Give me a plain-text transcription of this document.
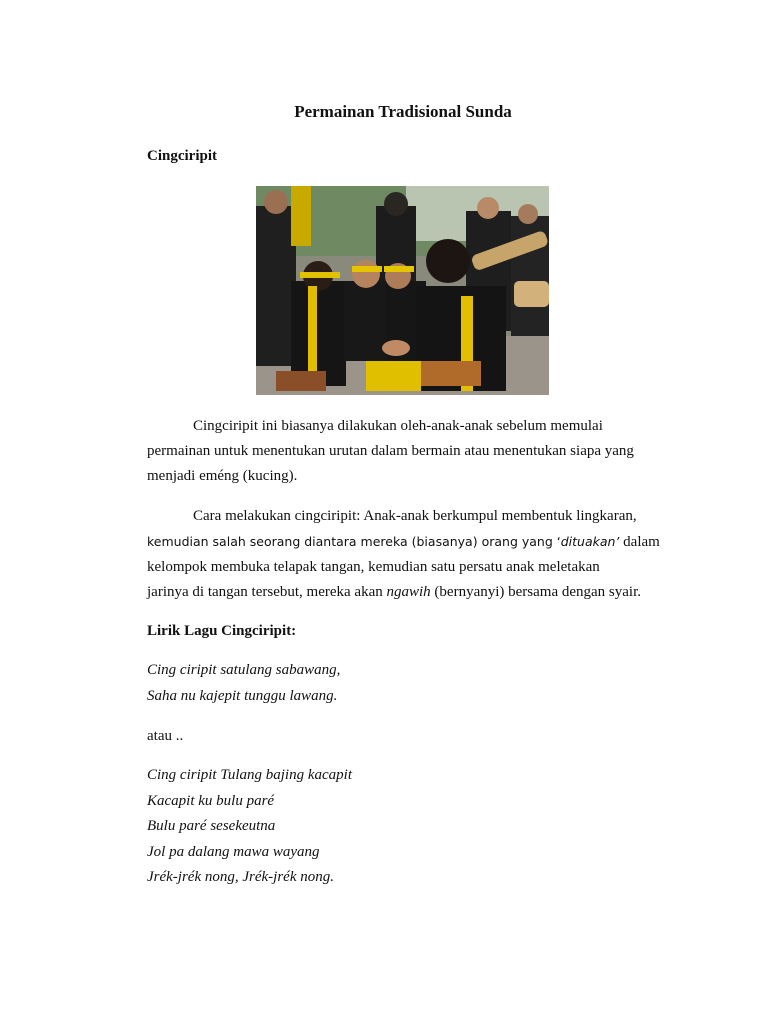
Permainan Tradisional Sunda
Cingciripit
Cingciripit ini biasanya dilakukan oleh-anak-anak sebelum memulai
permainan untuk menentukan urutan dalam bermain atau menentukan siapa yang
menjadi eméng (kucing).
Cara melakukan cingciripit: Anak-anak berkumpul membentuk lingkaran,
kemudian salah seorang diantara mereka (biasanya) orang yang ‘dituakan’ dalam
kelompok membuka telapak tangan, kemudian satu persatu anak meletakan
jarinya di tangan tersebut, mereka akan ngawih (bernyanyi) bersama dengan syair.
Lirik Lagu Cingciripit:
Cing ciripit satulang sabawang,
Saha nu kajepit tunggu lawang.
atau ..
Cing ciripit Tulang bajing kacapit
Kacapit ku bulu paré
Bulu paré sesekeutna
Jol pa dalang mawa wayang
Jrék-jrék nong, Jrék-jrék nong.
